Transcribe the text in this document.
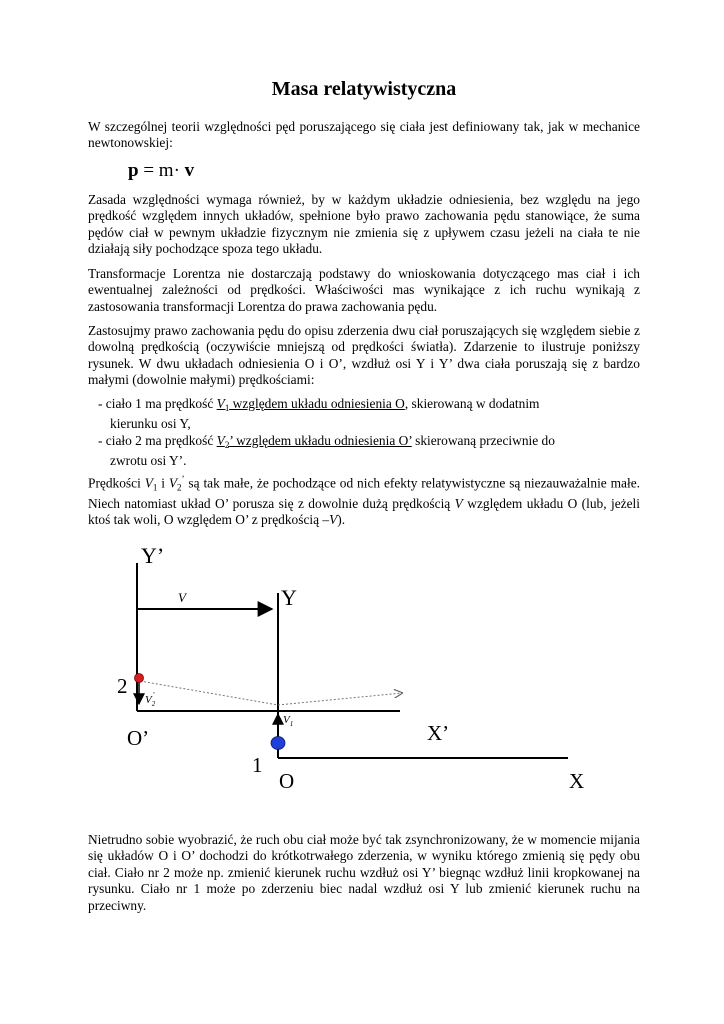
Masa relatywistyczna

W szczególnej teorii względności pęd poruszającego się ciała jest definiowany tak, jak w mechanice newtonowskiej:

p = m· v

Zasada względności wymaga również, by w każdym układzie odniesienia, bez względu na jego prędkość względem innych układów, spełnione było prawo zachowania pędu stanowiące, że suma pędów ciał w pewnym układzie fizycznym nie zmienia się z upływem czasu jeżeli na ciała te nie działają siły pochodzące spoza tego układu.

Transformacje Lorentza nie dostarczają podstawy do wnioskowania dotyczącego mas ciał i ich ewentualnej zależności od prędkości. Właściwości mas wynikające z ich ruchu wynikają z zastosowania transformacji Lorentza do prawa zachowania pędu.

Zastosujmy prawo zachowania pędu do opisu zderzenia dwu ciał poruszających się względem siebie z dowolną prędkością (oczywiście mniejszą od prędkości światła). Zdarzenie to ilustruje poniższy rysunek. W dwu układach odniesienia O i O’, wzdłuż osi Y i Y’ dwa ciała poruszają się z bardzo małymi (dowolnie małymi) prędkościami:

- ciało 1 ma prędkość $V_1$ względem układu odniesienia O, skierowaną w dodatnim
kierunku osi Y,
- ciało 2 ma prędkość $V_2$’ względem układu odniesienia O’ skierowaną przeciwnie do
zwrotu osi Y’.

Prędkości $V_1$ i $V_2^’$ są tak małe, że pochodzące od nich efekty relatywistyczne są niezauważalnie małe. Niech natomiast układ O’ porusza się z dowolnie dużą prędkością V względem układu O (lub, jeżeli ktoś tak woli, O względem O’ z prędkością –V).

Nietrudno sobie wyobrazić, że ruch obu ciał może być tak zsynchronizowany, że w momencie mijania się układów O i O’ dochodzi do krótkotrwałego zderzenia, w wyniku którego zmienią się pędy obu ciał. Ciało nr 2 może np. zmienić kierunek ruchu wzdłuż osi Y’ biegnąc wzdłuż linii kropkowanej na rysunku. Ciało nr 1 może po zderzeniu biec nadal wzdłuż osi Y lub zmienić kierunek ruchu na przeciwny.

Y’
Y
V
2
$V_2$’
$V_1$
O’	X’
1
O	X
